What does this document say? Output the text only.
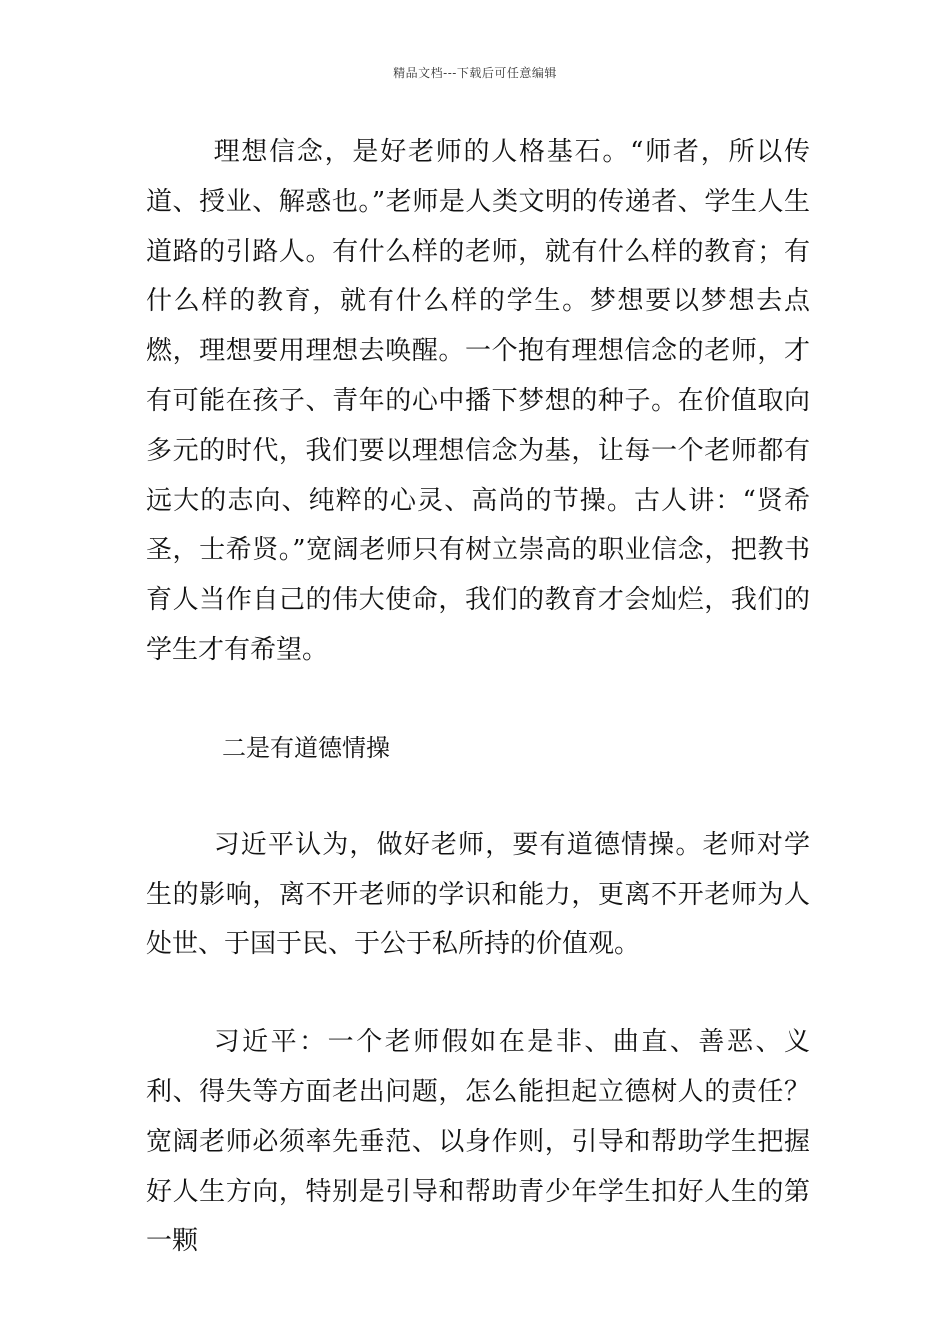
精品文档---下载后可任意编辑

理想信念，是好老师的人格基石。“师者，所以传道、授业、解惑也。”老师是人类文明的传递者、学生人生道路的引路人。有什么样的老师，就有什么样的教育；有什么样的教育，就有什么样的学生。梦想要以梦想去点燃，理想要用理想去唤醒。一个抱有理想信念的老师，才有可能在孩子、青年的心中播下梦想的种子。在价值取向多元的时代，我们要以理想信念为基，让每一个老师都有远大的志向、纯粹的心灵、高尚的节操。古人讲：“贤希圣，士希贤。”宽阔老师只有树立崇高的职业信念，把教书育人当作自己的伟大使命，我们的教育才会灿烂，我们的学生才有希望。

二是有道德情操

习近平认为，做好老师，要有道德情操。老师对学生的影响，离不开老师的学识和能力，更离不开老师为人处世、于国于民、于公于私所持的价值观。

习近平：一个老师假如在是非、曲直、善恶、义利、得失等方面老出问题，怎么能担起立德树人的责任？宽阔老师必须率先垂范、以身作则，引导和帮助学生把握好人生方向，特别是引导和帮助青少年学生扣好人生的第一颗
